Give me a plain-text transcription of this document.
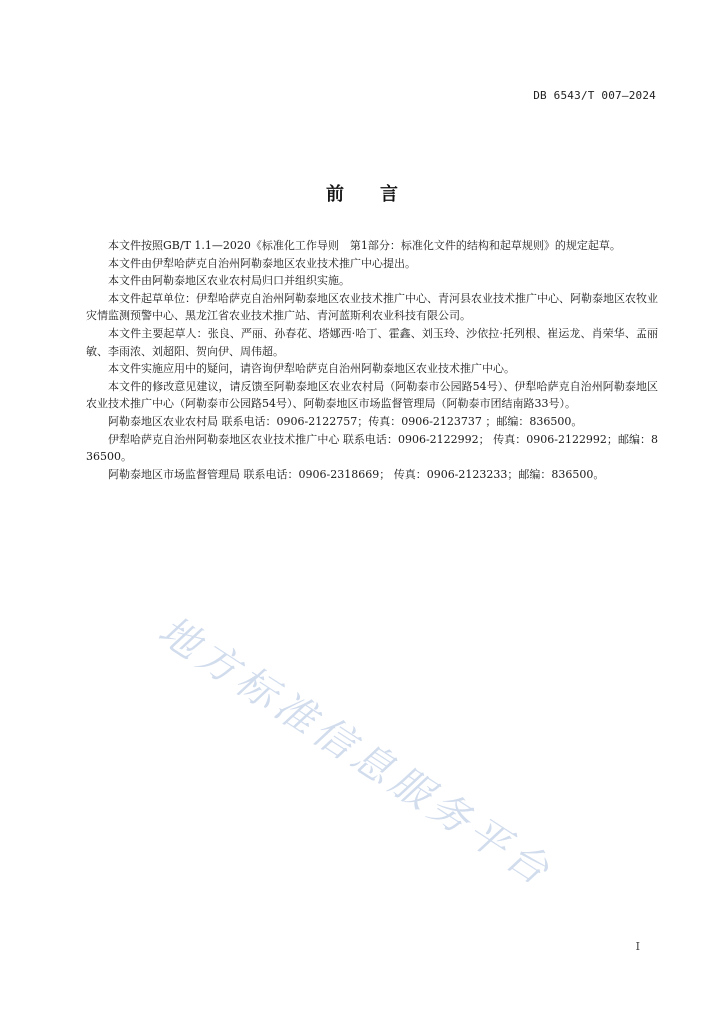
DB 6543/T 007—2024
前言

本文件按照GB/T 1.1—2020《标准化工作导则　第1部分：标准化文件的结构和起草规则》的规定起草。

本文件由伊犁哈萨克自治州阿勒泰地区农业技术推广中心提出。

本文件由阿勒泰地区农业农村局归口并组织实施。

本文件起草单位：伊犁哈萨克自治州阿勒泰地区农业技术推广中心、青河县农业技术推广中心、阿勒泰地区农牧业灾情监测预警中心、黑龙江省农业技术推广站、青河蓝斯利农业科技有限公司。

本文件主要起草人：张良、严丽、孙春花、塔娜西·哈丁、霍鑫、刘玉玲、沙依拉·托列根、崔运龙、肖荣华、孟丽敏、李雨浓、刘超阳、贺向伊、周伟超。

本文件实施应用中的疑问，请咨询伊犁哈萨克自治州阿勒泰地区农业技术推广中心。

本文件的修改意见建议，请反馈至阿勒泰地区农业农村局（阿勒泰市公园路54号）、伊犁哈萨克自治州阿勒泰地区农业技术推广中心（阿勒泰市公园路54号）、阿勒泰地区市场监督管理局（阿勒泰市团结南路33号）。

阿勒泰地区农业农村局 联系电话：0906-2122757；传真：0906-2123737 ；邮编：836500。

伊犁哈萨克自治州阿勒泰地区农业技术推广中心 联系电话：0906-2122992； 传真：0906-2122992；邮编：836500。

阿勒泰地区市场监督管理局 联系电话：0906-2318669； 传真：0906-2123233；邮编：836500。

地方标准信息服务平台
I
